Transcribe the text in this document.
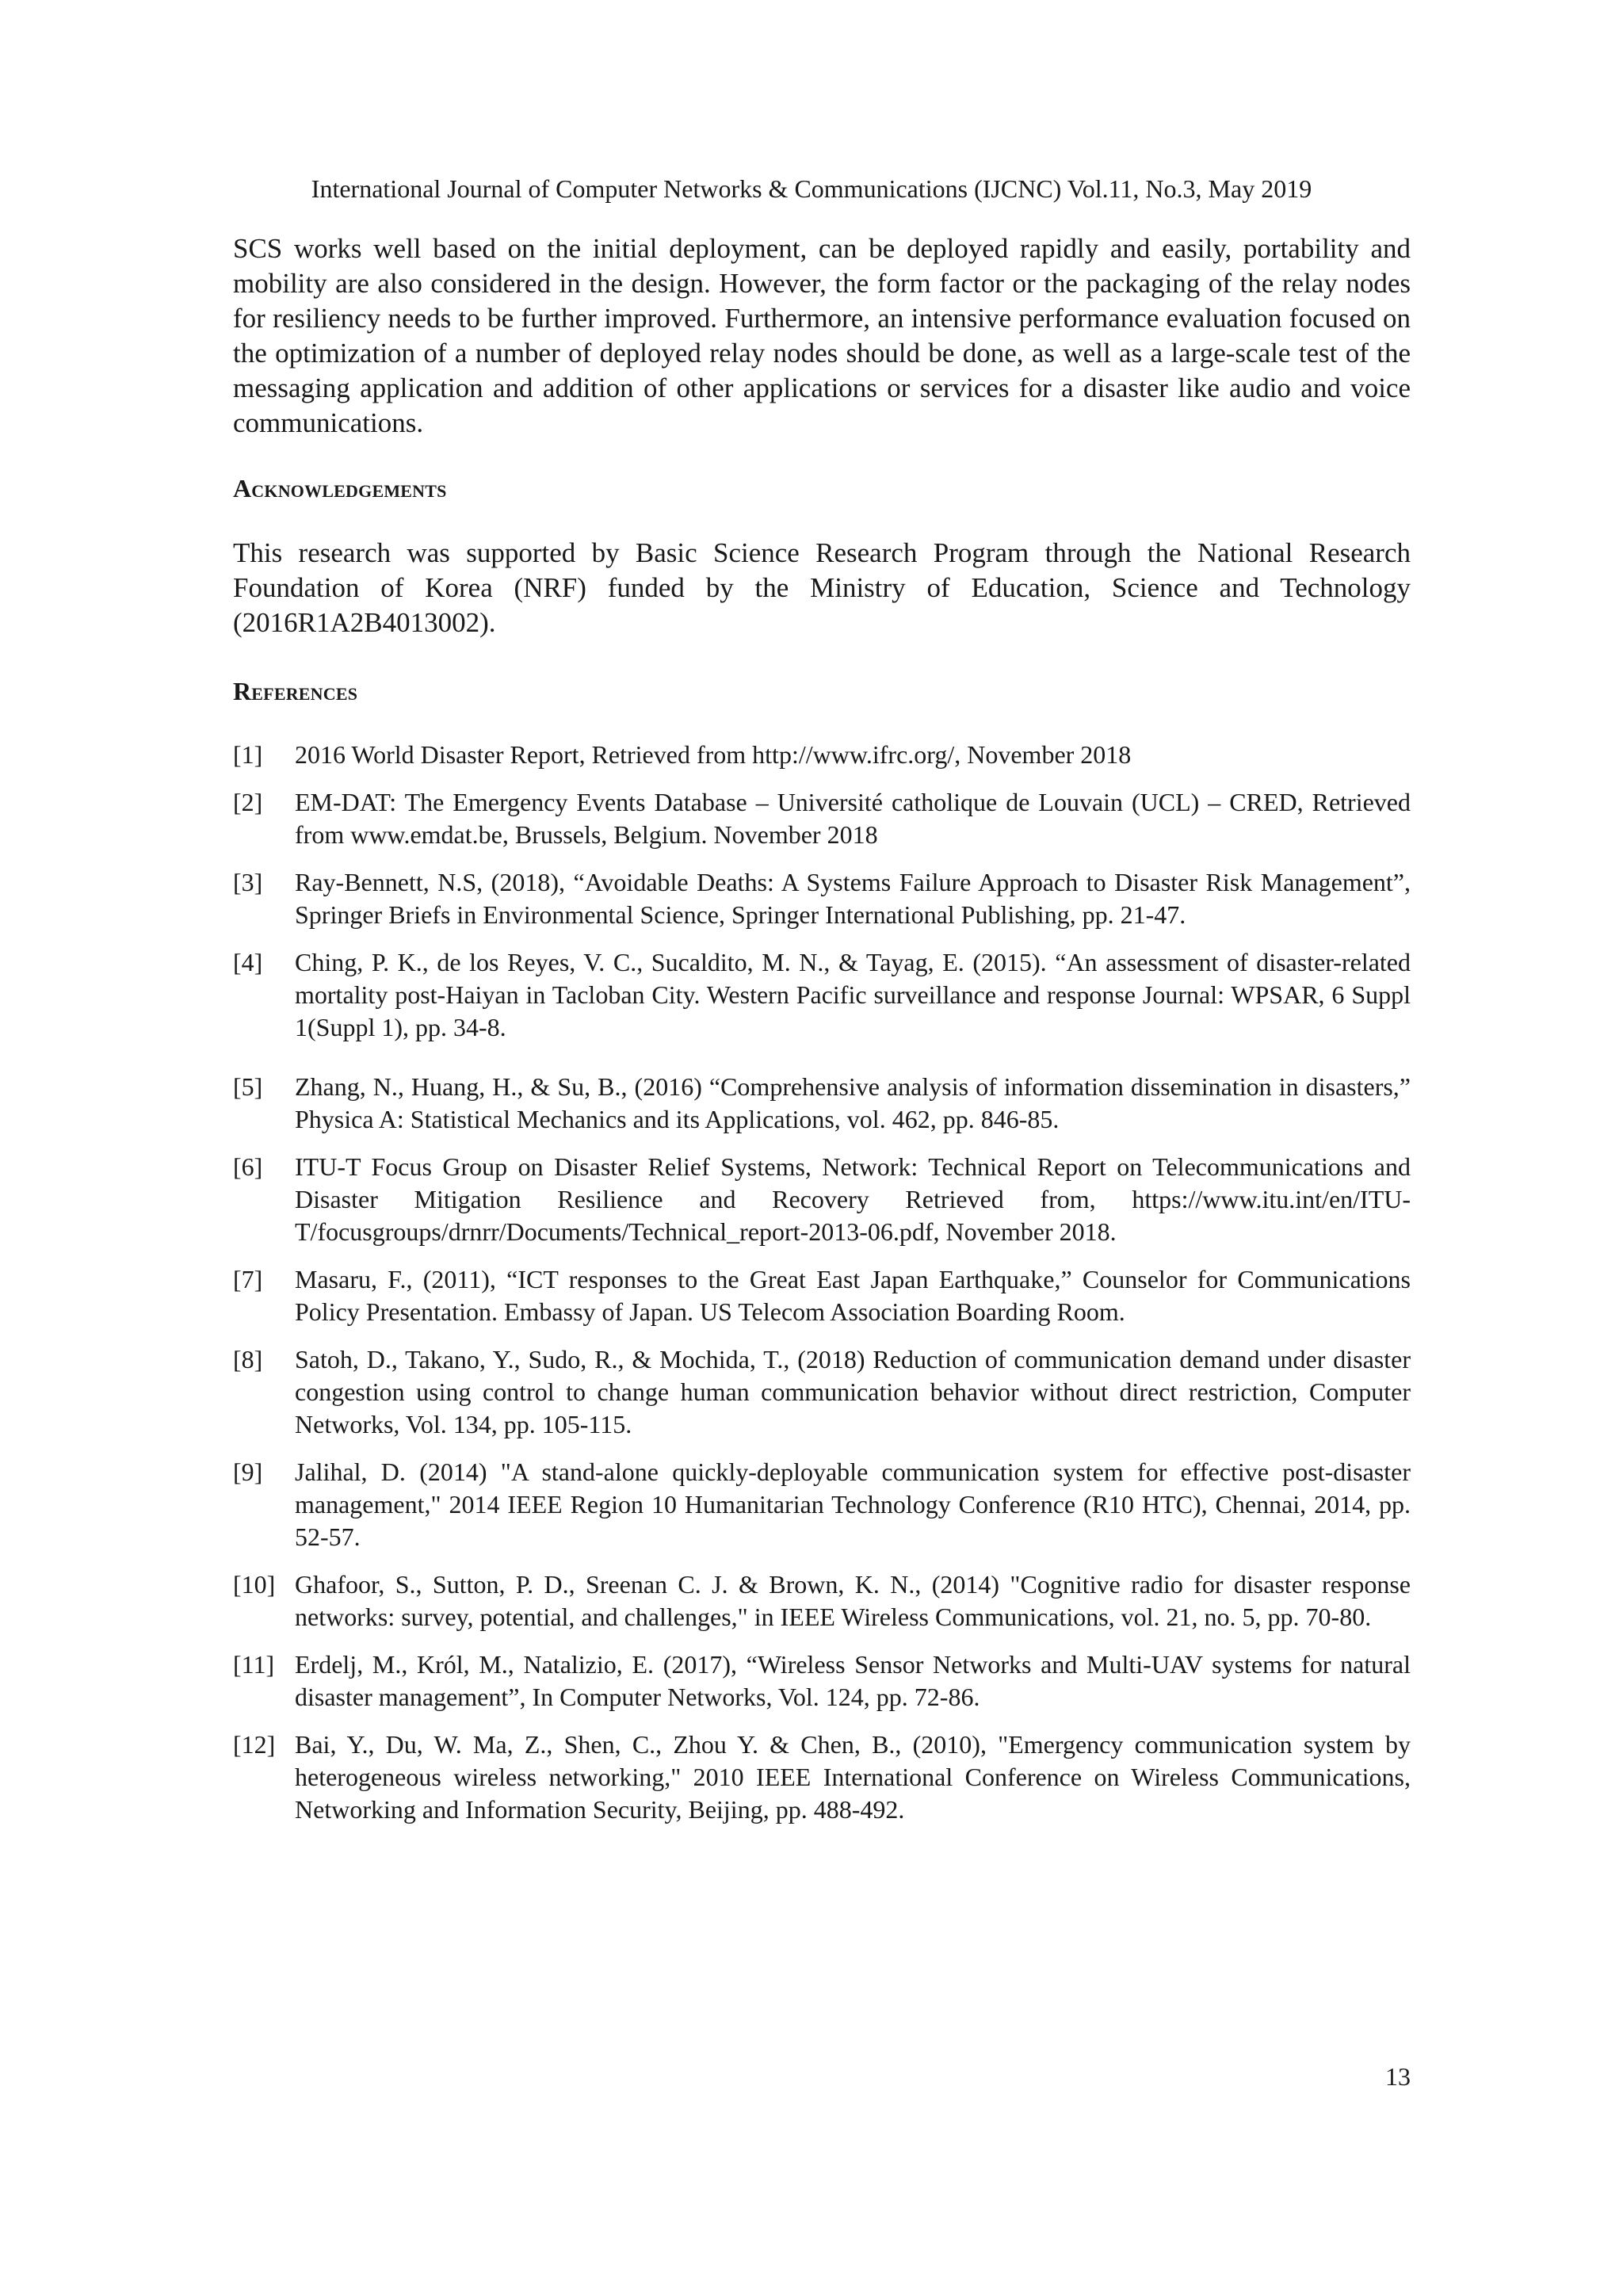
International Journal of Computer Networks & Communications (IJCNC) Vol.11, No.3, May 2019

SCS works well based on the initial deployment, can be deployed rapidly and easily, portability and mobility are also considered in the design. However, the form factor or the packaging of the relay nodes for resiliency needs to be further improved. Furthermore, an intensive performance evaluation focused on the optimization of a number of deployed relay nodes should be done, as well as a large-scale test of the messaging application and addition of other applications or services for a disaster like audio and voice communications.

Acknowledgements

This research was supported by Basic Science Research Program through the National Research Foundation of Korea (NRF) funded by the Ministry of Education, Science and Technology (2016R1A2B4013002).

References
[1]	2016 World Disaster Report, Retrieved from http://www.ifrc.org/, November 2018
[2]	EM-DAT: The Emergency Events Database – Université catholique de Louvain (UCL) – CRED, Retrieved from www.emdat.be, Brussels, Belgium. November 2018
[3]	Ray-Bennett, N.S, (2018), “Avoidable Deaths: A Systems Failure Approach to Disaster Risk Management”, Springer Briefs in Environmental Science, Springer International Publishing, pp. 21-47.
[4]	Ching, P. K., de los Reyes, V. C., Sucaldito, M. N., & Tayag, E. (2015). “An assessment of disaster-related mortality post-Haiyan in Tacloban City. Western Pacific surveillance and response Journal: WPSAR, 6 Suppl 1(Suppl 1), pp. 34-8.
[5]	Zhang, N., Huang, H., & Su, B., (2016) “Comprehensive analysis of information dissemination in disasters,” Physica A: Statistical Mechanics and its Applications, vol. 462, pp. 846-85.
[6]	ITU-T Focus Group on Disaster Relief Systems, Network: Technical Report on Telecommunications and Disaster Mitigation Resilience and Recovery Retrieved from, https://www.itu.int/en/ITU-T/focusgroups/drnrr/Documents/Technical_report-2013-06.pdf, November 2018.
[7]	Masaru, F., (2011), “ICT responses to the Great East Japan Earthquake,” Counselor for Communications Policy Presentation. Embassy of Japan. US Telecom Association Boarding Room.
[8]	Satoh, D., Takano, Y., Sudo, R., & Mochida, T., (2018) Reduction of communication demand under disaster congestion using control to change human communication behavior without direct restriction, Computer Networks, Vol. 134, pp. 105-115.
[9]	Jalihal, D. (2014) "A stand-alone quickly-deployable communication system for effective post-disaster management," 2014 IEEE Region 10 Humanitarian Technology Conference (R10 HTC), Chennai, 2014, pp. 52-57.
[10] Ghafoor, S., Sutton, P. D., Sreenan C. J. & Brown, K. N., (2014) "Cognitive radio for disaster response networks: survey, potential, and challenges," in IEEE Wireless Communications, vol. 21, no. 5, pp. 70-80.
[11] Erdelj, M., Król, M., Natalizio, E. (2017), “Wireless Sensor Networks and Multi-UAV systems for natural disaster management”, In Computer Networks, Vol. 124, pp. 72-86.
[12] Bai, Y., Du, W. Ma, Z., Shen, C., Zhou Y. & Chen, B., (2010), "Emergency communication system by heterogeneous wireless networking," 2010 IEEE International Conference on Wireless Communications, Networking and Information Security, Beijing, pp. 488-492.
13
